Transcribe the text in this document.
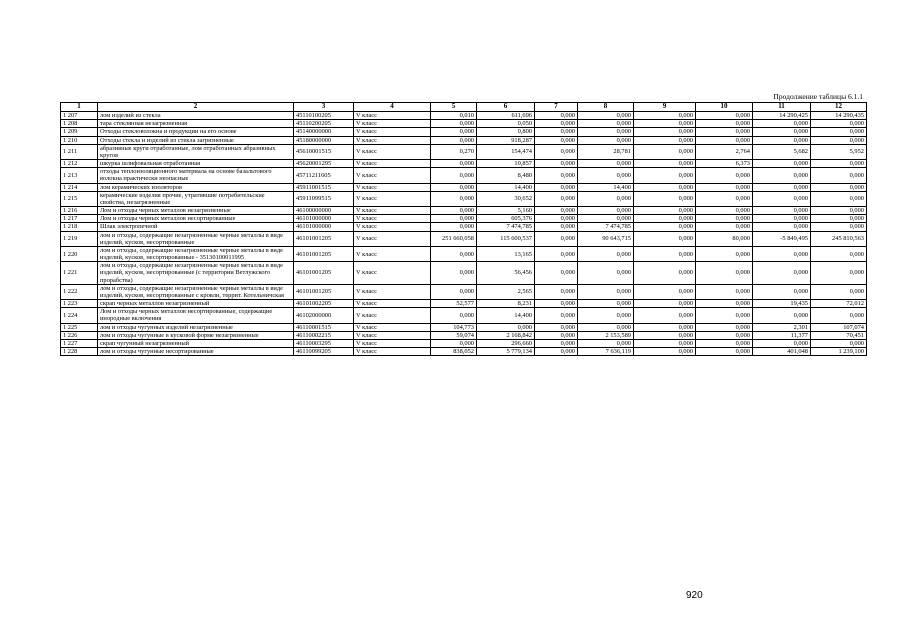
Продолжение таблицы 6.1.1
1	2	3	4	5	6	7	8	9	10	11	12
1 207	лом изделий из стекла	45110100205	V класс	0,010	611,696	0,000	0,000	0,000	0,000	14 290,425	14 290,435
1 208	тара стеклянная незагрязненная	45110200205	V класс	0,000	0,050	0,000	0,000	0,000	0,000	0,000	0,000
1 209	Отходы стекловолокна и продукции на его основе	45140000000	V класс	0,000	0,800	0,000	0,000	0,000	0,000	0,000	0,000
1 210	Отходы стекла и изделий из стекла загрязненные	45180000000	V класс	0,000	918,287	0,000	0,000	0,000	0,000	0,000	0,000
1 211	абразивные круги отработанные, лом отработанных абразивных кругов	45610001515	V класс	0,270	154,474	0,000	28,781	0,000	2,764	5,682	5,952
1 212	шкурка шлифовальная отработанная	45620001295	V класс	0,000	10,857	0,000	0,000	0,000	6,373	0,000	0,000
1 213	отходы теплоизоляционного материала на основе базальтового волокна практически неопасные	45711211605	V класс	0,000	8,480	0,000	0,000	0,000	0,000	0,000	0,000
1 214	лом керамических изоляторов	45911001515	V класс	0,000	14,400	0,000	14,400	0,000	0,000	0,000	0,000
1 215	керамические изделия прочие, утратившие потребительские свойства, незагрязненные	45911099515	V класс	0,000	30,652	0,000	0,000	0,000	0,000	0,000	0,000
1 216	Лом и отходы черных металлов незагрязненные	46100000000	V класс	0,000	5,160	0,000	0,000	0,000	0,000	0,000	0,000
1 217	Лом и отходы черных металлов несортированные	46101000000	V класс	0,000	605,376	0,000	0,000	0,000	0,000	0,000	0,000
1 218	Шлак электропечной	46101000000	V класс	0,000	7 474,785	0,000	7 474,785	0,000	0,000	0,000	0,000
1 219	лом и отходы, содержащие незагрязненные черные металлы в виде изделий, кусков, несортированные	46101001205	V класс	251 660,058	115 600,537	0,000	90 643,715	0,000	80,000	-5 849,495	245 810,563
1 220	лом и отходы, содержащие незагрязненные черные металлы в виде изделий, кусков, несортированные - 35130100011995	46101001205	V класс	0,000	13,165	0,000	0,000	0,000	0,000	0,000	0,000
1 221	лом и отходы, содержащие незагрязненные черные металлы в виде изделий, кусков, несортированные (с территории Ветлужского прорабства)	46101001205	V класс	0,000	56,456	0,000	0,000	0,000	0,000	0,000	0,000
1 222	лом и отходы, содержащие незагрязненные черные металлы в виде изделий, кусков, несортированные с кровли, террит. Котельничская	46101001205	V класс	0,000	2,565	0,000	0,000	0,000	0,000	0,000	0,000
1 223	скрап черных металлов незагрязненный	46101002205	V класс	52,577	8,231	0,000	0,000	0,000	0,000	19,435	72,012
1 224	Лом и отходы черных металлов несортированные, содержащие инородные включения	46102000000	V класс	0,000	14,400	0,000	0,000	0,000	0,000	0,000	0,000
1 225	лом и отходы чугунных изделий незагрязненные	46110001515	V класс	104,773	0,000	0,000	0,000	0,000	0,000	2,301	107,074
1 226	лом и отходы чугунные в кусковой форме незагрязненные	46110002215	V класс	59,074	2 168,842	0,000	2 153,589	0,000	0,000	11,377	70,451
1 227	скрап чугунный незагрязненный	46110003295	V класс	0,000	296,660	0,000	0,000	0,000	0,000	0,000	0,000
1 228	лом и отходы чугунные несортированные	46110099205	V класс	838,052	5 779,134	0,000	7 636,119	0,000	0,000	401,048	1 239,100
920
